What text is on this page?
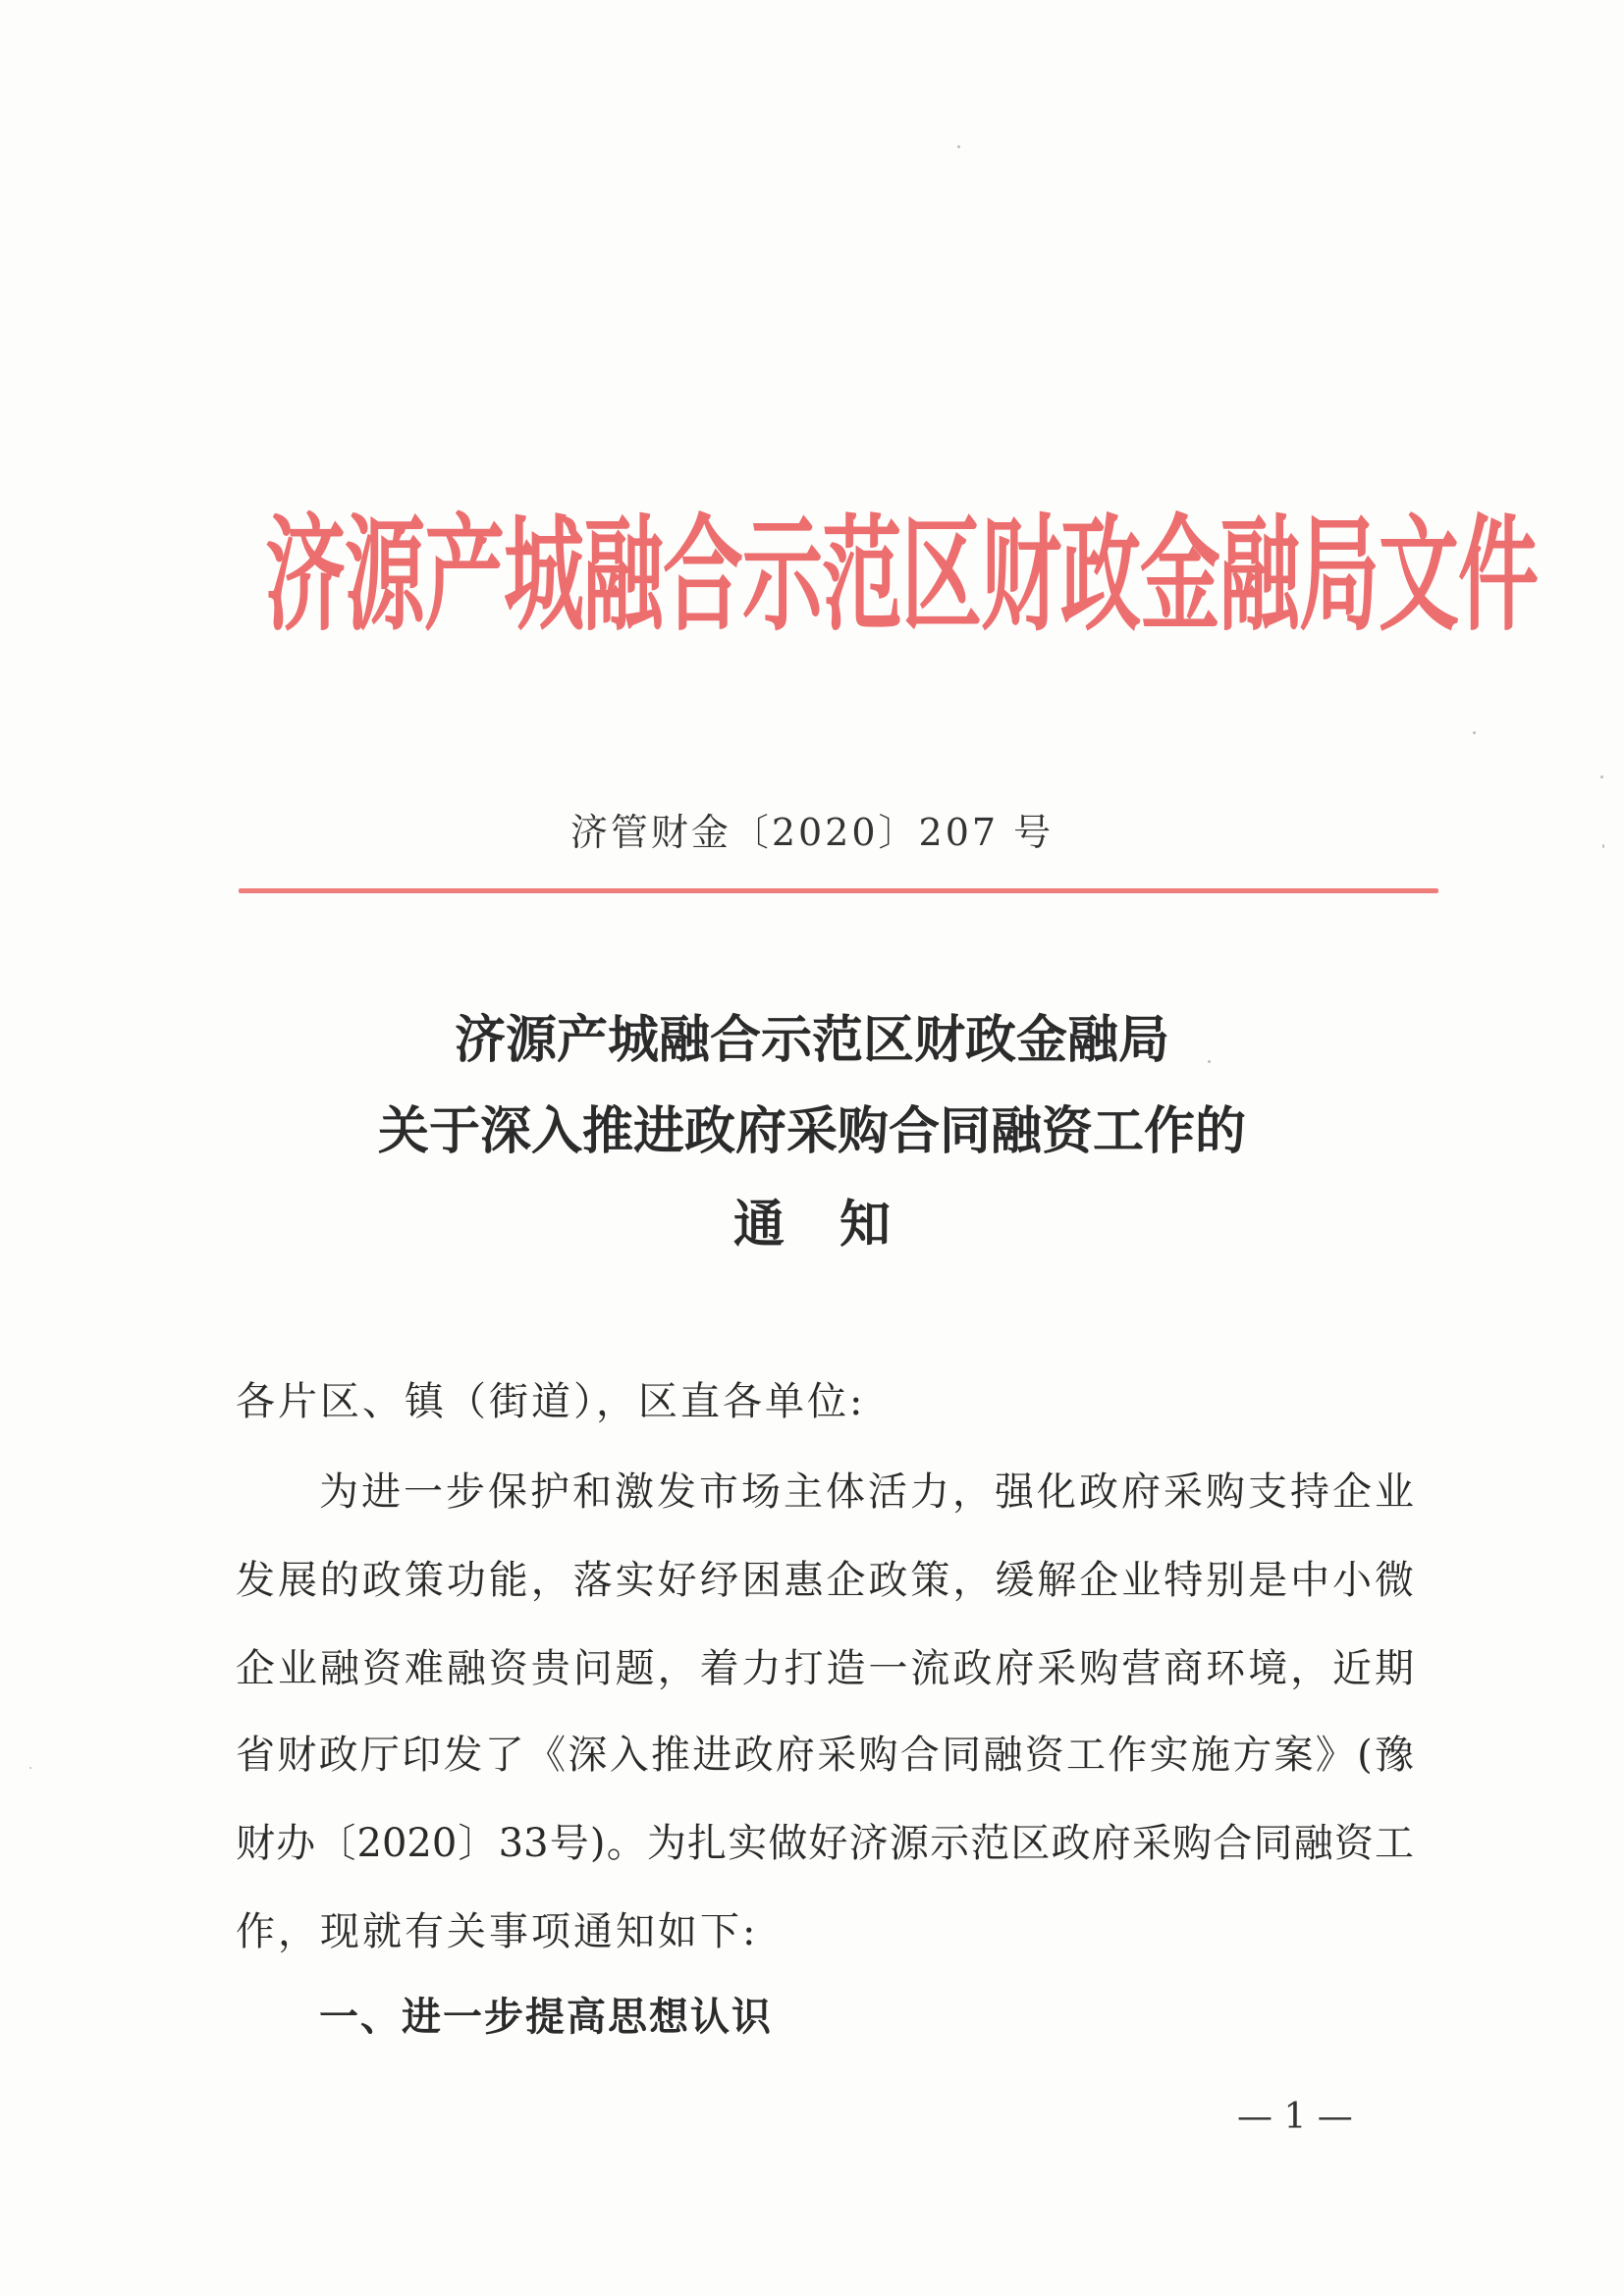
济源产城融合示范区财政金融局文件
济管财金〔2020〕207 号
济源产城融合示范区财政金融局
关于深入推进政府采购合同融资工作的
通知
各片区、镇（街道），区直各单位:
为进一步保护和激发市场主体活力，强化政府采购支持企业
发展的政策功能，落实好纾困惠企政策，缓解企业特别是中小微
企业融资难融资贵问题，着力打造一流政府采购营商环境，近期
省财政厅印发了《深入推进政府采购合同融资工作实施方案》(豫
财办〔2020〕33号)。为扎实做好济源示范区政府采购合同融资工
作，现就有关事项通知如下:
一、进一步提高思想认识
— 1 —
